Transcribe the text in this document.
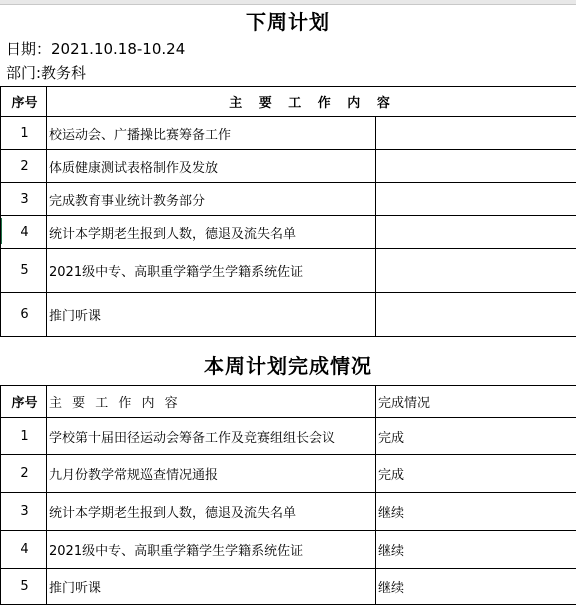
下周计划
日期：2021.10.18-10.24
部门:教务科
序号	主 要 工 作 内 容	
1	校运动会、广播操比赛筹备工作	
2	体质健康测试表格制作及发放	
3	完成教育事业统计教务部分	
4	统计本学期老生报到人数，德退及流失名单	
5	2021级中专、高职重学籍学生学籍系统佐证	
6	推门听课	
本周计划完成情况
序号	主 要 工 作 内 容	完成情况
1	学校第十届田径运动会筹备工作及竞赛组组长会议	完成
2	九月份教学常规巡查情况通报	完成
3	统计本学期老生报到人数，德退及流失名单	继续
4	2021级中专、高职重学籍学生学籍系统佐证	继续
5	推门听课	继续
